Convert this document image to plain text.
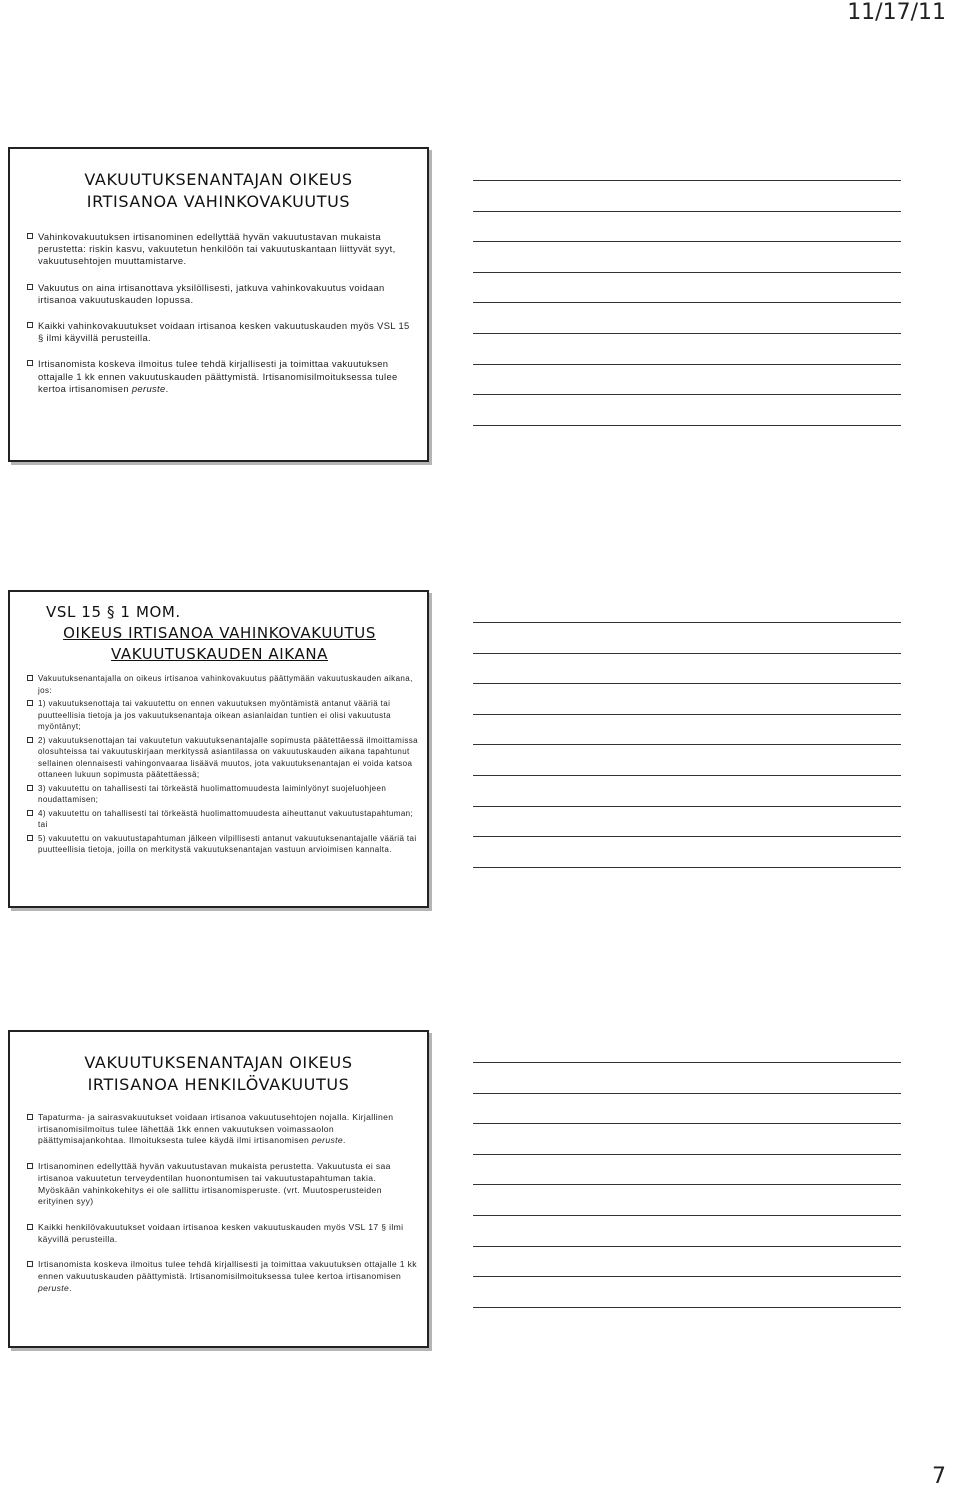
11/17/11
VAKUUTUKSENANTAJAN OIKEUS
IRTISANOA VAHINKOVAKUUTUS
Vahinkovakuutuksen irtisanominen edellyttää hyvän vakuutustavan mukaista perustetta: riskin kasvu, vakuutetun henkilöön tai vakuutuskantaan liittyvät syyt, vakuutusehtojen muuttamistarve.
Vakuutus on aina irtisanottava yksilöllisesti, jatkuva vahinkovakuutus voidaan irtisanoa vakuutuskauden lopussa.
Kaikki vahinkovakuutukset voidaan irtisanoa kesken vakuutuskauden myös VSL 15 § ilmi käyvillä perusteilla.
Irtisanomista koskeva ilmoitus tulee tehdä kirjallisesti ja toimittaa vakuutuksen ottajalle 1 kk ennen vakuutuskauden päättymistä. Irtisanomisilmoituksessa tulee kertoa irtisanomisen peruste.
VSL 15 § 1 MOM.
OIKEUS IRTISANOA VAHINKOVAKUUTUS
VAKUUTUSKAUDEN AIKANA
Vakuutuksenantajalla on oikeus irtisanoa vahinkovakuutus päättymään vakuutuskauden aikana, jos:
1) vakuutuksenottaja tai vakuutettu on ennen vakuutuksen myöntämistä antanut vääriä tai puutteellisia tietoja ja jos vakuutuksenantaja oikean asianlaidan tuntien ei olisi vakuutusta myöntänyt;
2) vakuutuksenottajan tai vakuutetun vakuutuksenantajalle sopimusta päätettäessä ilmoittamissa olosuhteissa tai vakuutuskirjaan merkityssä asiantilassa on vakuutuskauden aikana tapahtunut sellainen olennaisesti vahingonvaaraa lisäävä muutos, jota vakuutuksenantajan ei voida katsoa ottaneen lukuun sopimusta päätettäessä;
3) vakuutettu on tahallisesti tai törkeästä huolimattomuudesta laiminlyönyt suojeluohjeen noudattamisen;
4) vakuutettu on tahallisesti tai törkeästä huolimattomuudesta aiheuttanut vakuutustapahtuman; tai
5) vakuutettu on vakuutustapahtuman jälkeen vilpillisesti antanut vakuutuksenantajalle vääriä tai puutteellisia tietoja, joilla on merkitystä vakuutuksenantajan vastuun arvioimisen kannalta.
VAKUUTUKSENANTAJAN OIKEUS
IRTISANOA HENKILÖVAKUUTUS
Tapaturma- ja sairasvakuutukset voidaan irtisanoa vakuutusehtojen nojalla. Kirjallinen irtisanomisilmoitus tulee lähettää 1kk ennen vakuutuksen voimassaolon päättymisajankohtaa. Ilmoituksesta tulee käydä ilmi irtisanomisen peruste.
Irtisanominen edellyttää hyvän vakuutustavan mukaista perustetta. Vakuutusta ei saa irtisanoa vakuutetun terveydentilan huonontumisen tai vakuutustapahtuman takia. Myöskään vahinkokehitys ei ole sallittu irtisanomisperuste. (vrt. Muutosperusteiden erityinen syy)
Kaikki henkilövakuutukset voidaan irtisanoa kesken vakuutuskauden myös VSL 17 § ilmi käyvillä perusteilla.
Irtisanomista koskeva ilmoitus tulee tehdä kirjallisesti ja toimittaa vakuutuksen ottajalle 1 kk ennen vakuutuskauden päättymistä. Irtisanomisilmoituksessa tulee kertoa irtisanomisen peruste.
7
